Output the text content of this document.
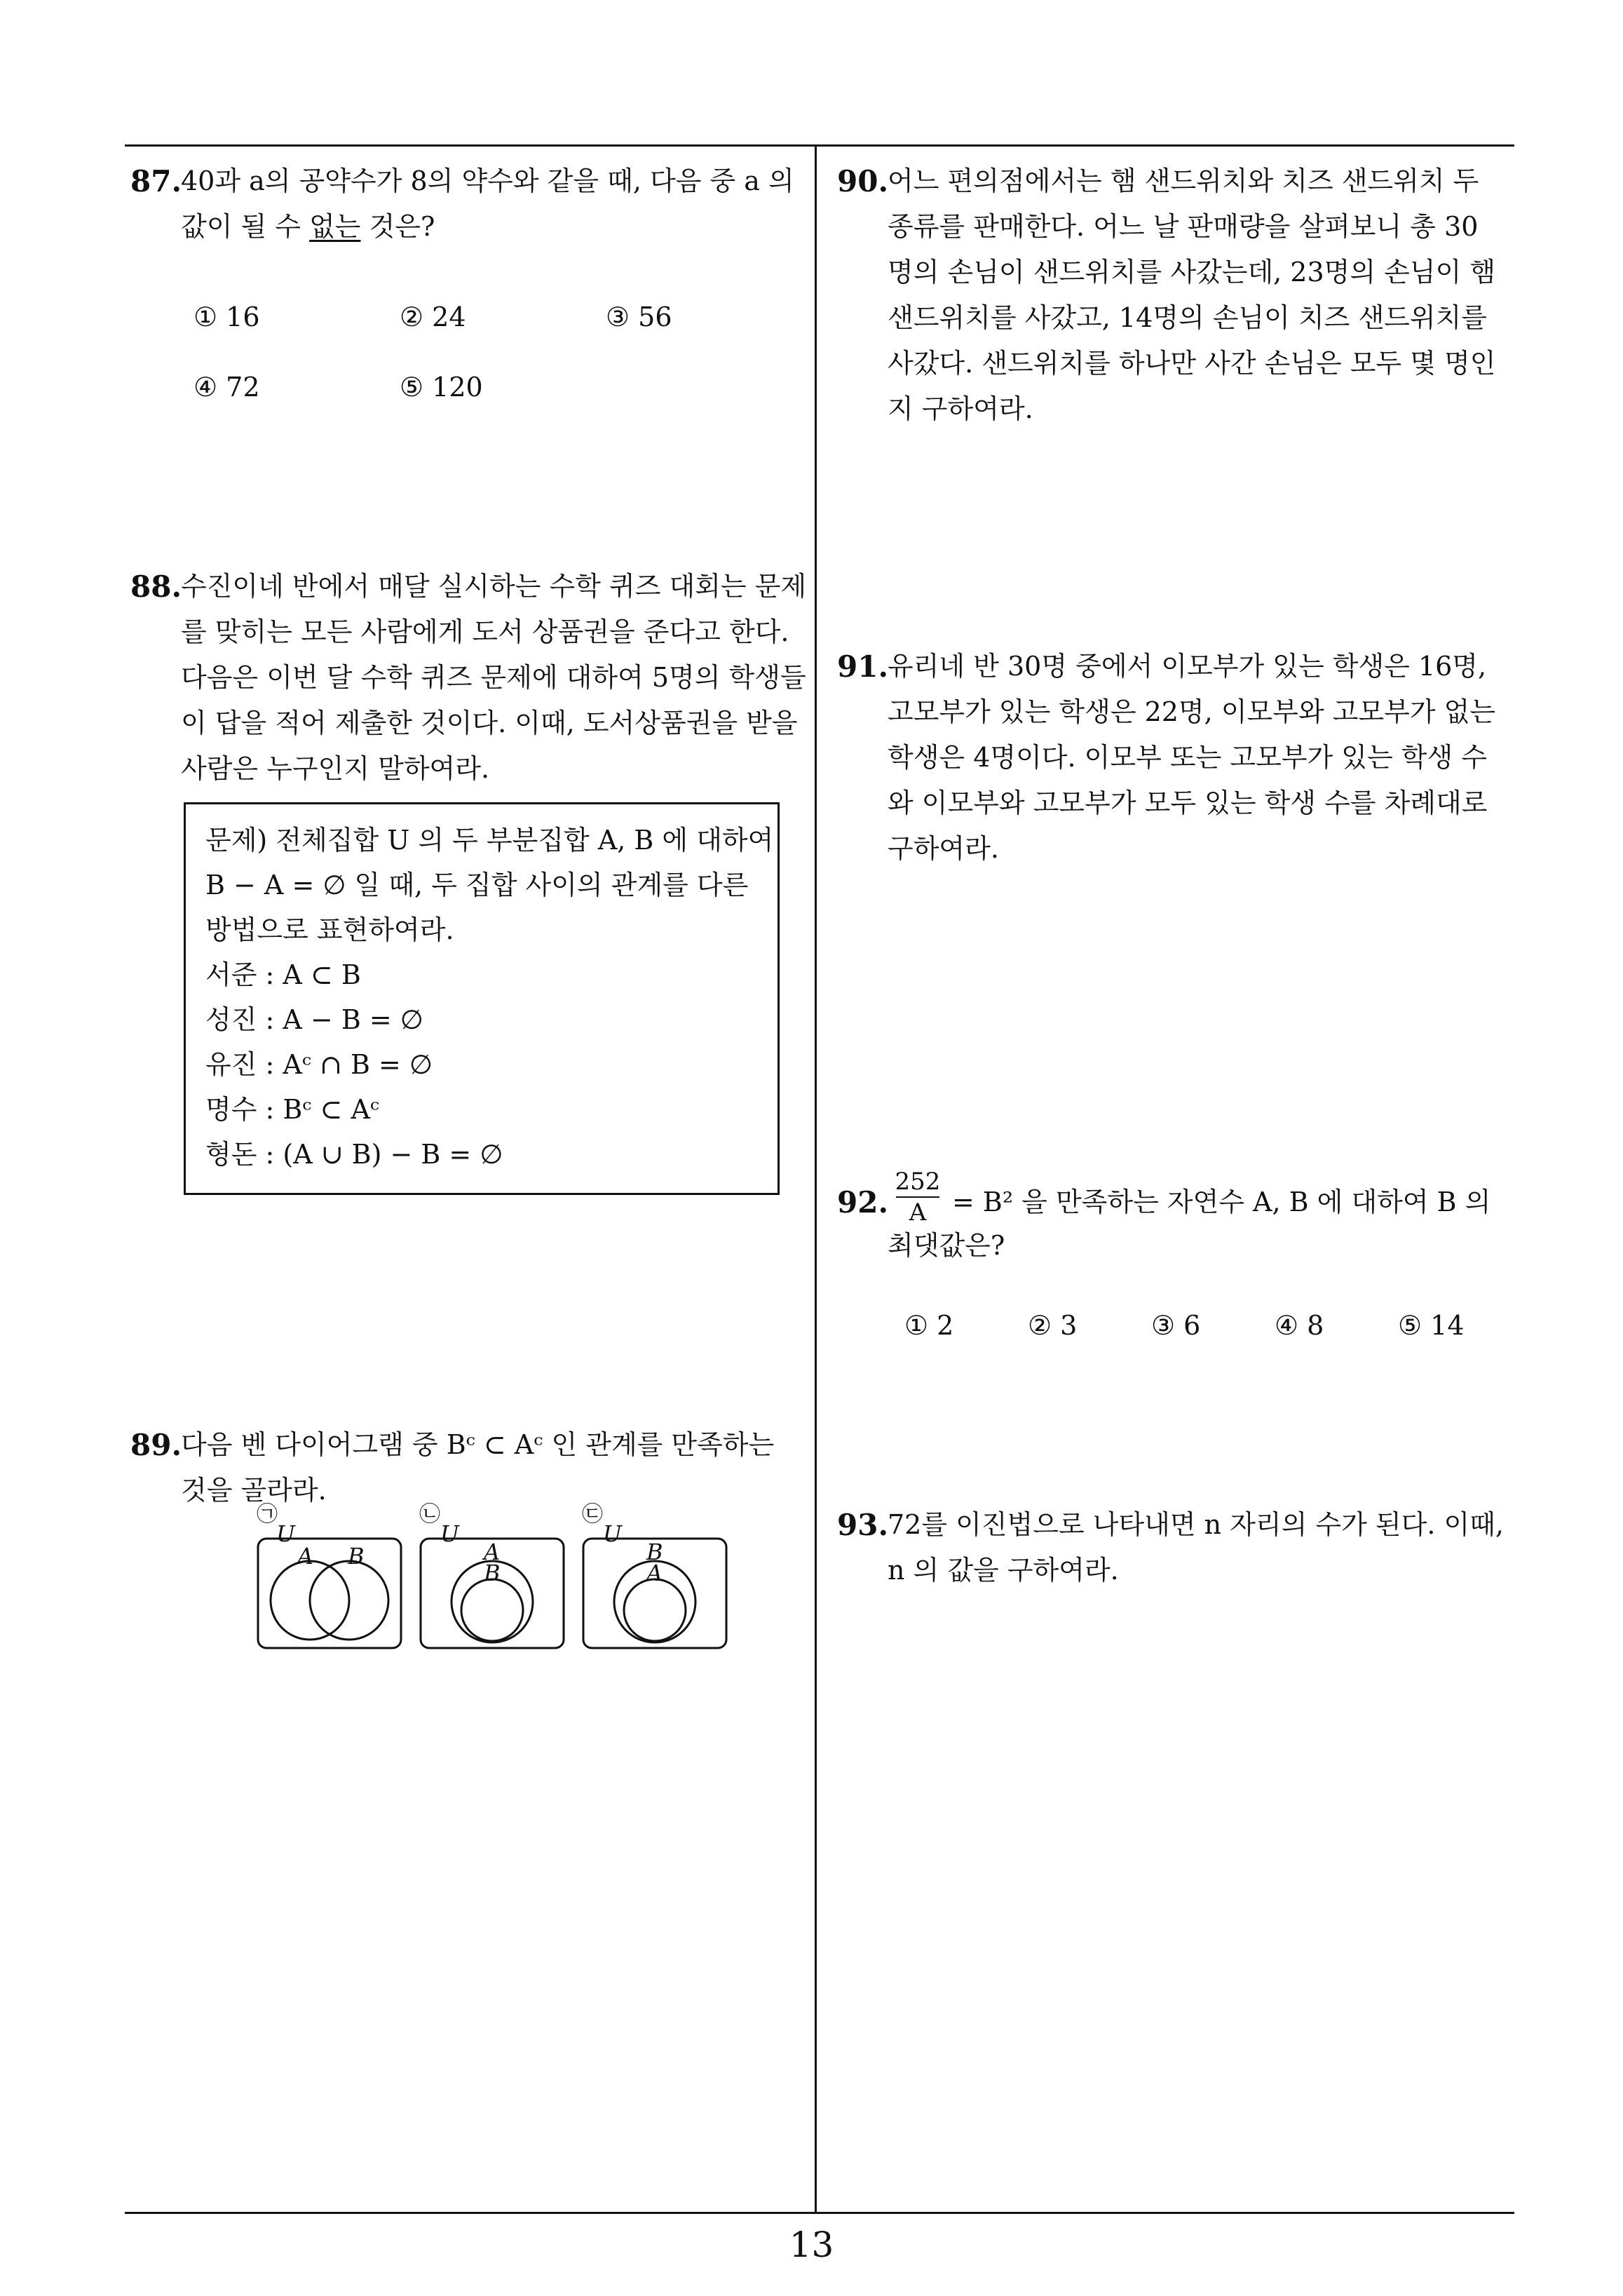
87.
40과 a의 공약수가 8의 약수와 같을 때, 다음 중 a 의
값이 될 수 없는 것은?
① 16	② 24	③ 56
④ 72	⑤ 120
88.
수진이네 반에서 매달 실시하는 수학 퀴즈 대회는 문제
를 맞히는 모든 사람에게 도서 상품권을 준다고 한다.
다음은 이번 달 수학 퀴즈 문제에 대하여 5명의 학생들
이 답을 적어 제출한 것이다. 이때, 도서상품권을 받을
사람은 누구인지 말하여라.
문제) 전체집합 U 의 두 부분집합 A, B 에 대하여
B − A = ∅ 일 때, 두 집합 사이의 관계를 다른
방법으로 표현하여라.
서준 : A ⊂ B
성진 : A − B = ∅
유진 : Aᶜ ∩ B = ∅
명수 : Bᶜ ⊂ Aᶜ
형돈 : (A ∪ B) − B = ∅
89.
다음 벤 다이어그램 중 Bᶜ ⊂ Aᶜ 인 관계를 만족하는
것을 골라라.
㉠
U
A B
㉡
U
A
B
㉢
U
B
A
90.
어느 편의점에서는 햄 샌드위치와 치즈 샌드위치 두
종류를 판매한다. 어느 날 판매량을 살펴보니 총 30
명의 손님이 샌드위치를 사갔는데, 23명의 손님이 햄
샌드위치를 사갔고, 14명의 손님이 치즈 샌드위치를
사갔다. 샌드위치를 하나만 사간 손님은 모두 몇 명인
지 구하여라.
91.
유리네 반 30명 중에서 이모부가 있는 학생은 16명,
고모부가 있는 학생은 22명, 이모부와 고모부가 없는
학생은 4명이다. 이모부 또는 고모부가 있는 학생 수
와 이모부와 고모부가 모두 있는 학생 수를 차례대로
구하여라.
92.
252
A = B² 을 만족하는 자연수 A, B 에 대하여 B 의
최댓값은?
① 2	② 3	③ 6	④ 8	⑤ 14
93.
72를 이진법으로 나타내면 n 자리의 수가 된다. 이때,
n 의 값을 구하여라.
13
